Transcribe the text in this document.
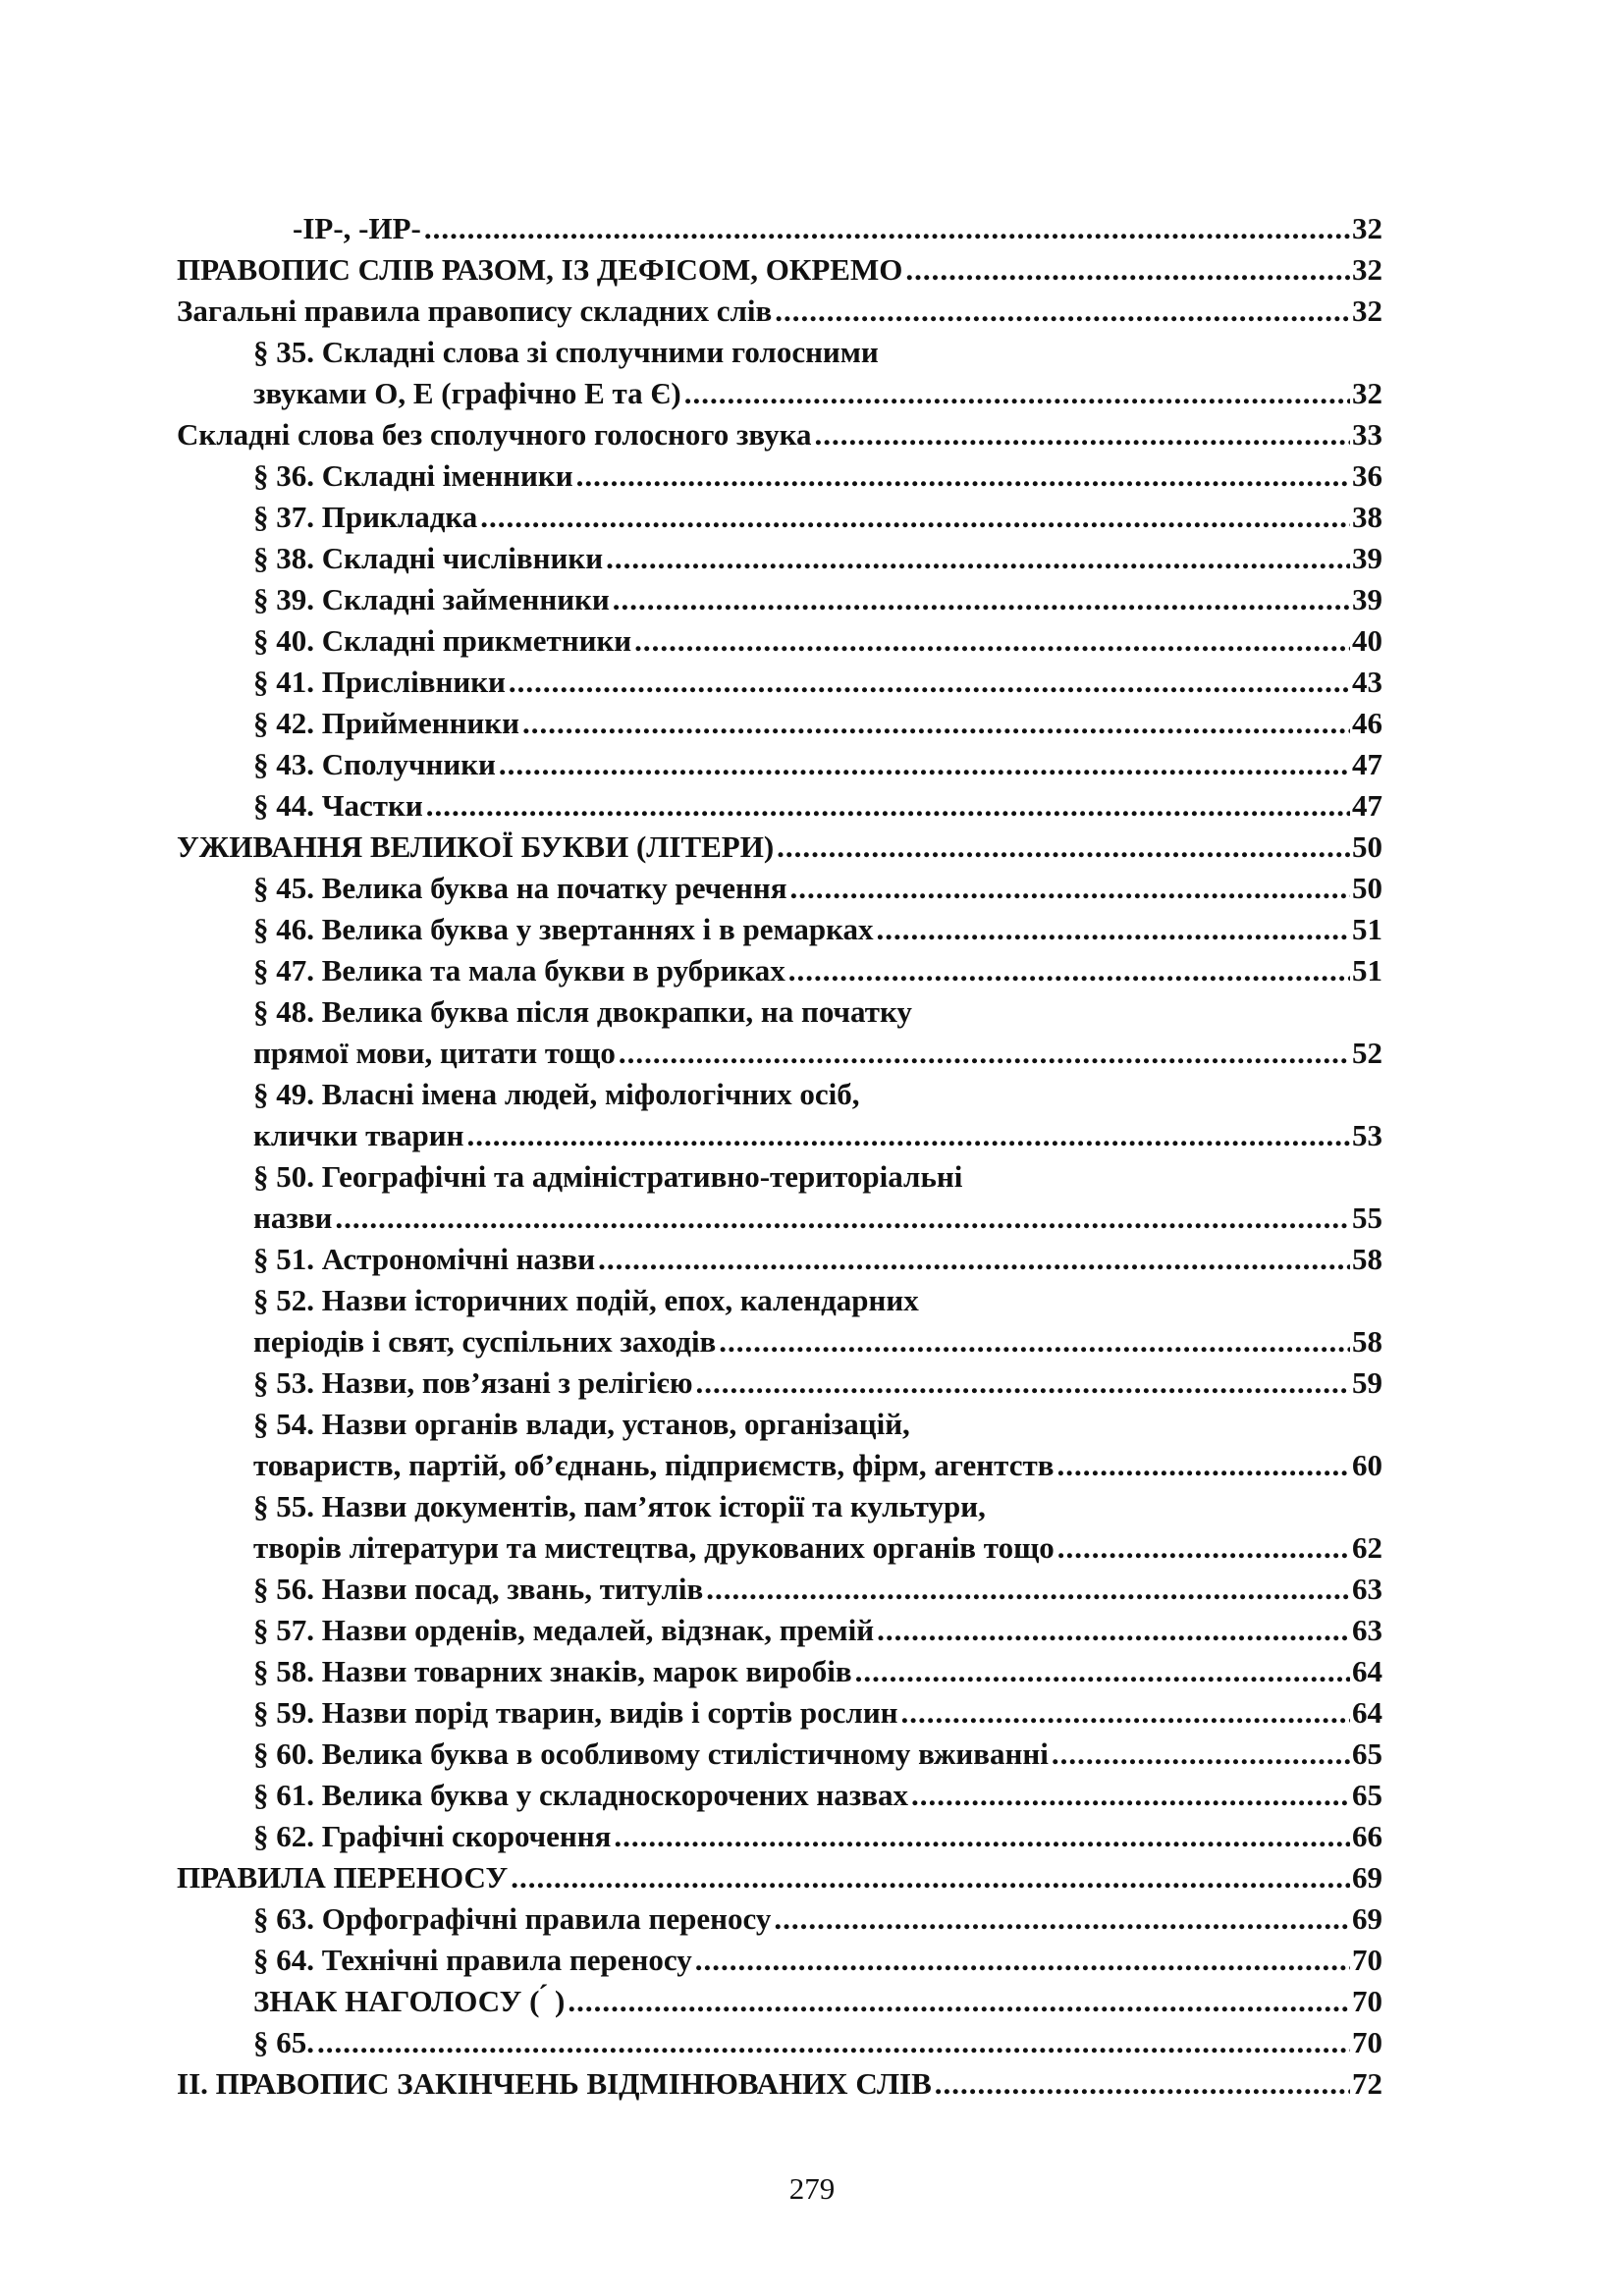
-ІР-, -ИР- .....	32
ПРАВОПИС СЛІВ РАЗОМ, ІЗ ДЕФІСОМ, ОКРЕМО .....	32
Загальні правила правопису складних слів .....	32
§ 35. Складні слова зі сполучними голосними
звуками О, Е (графічно Е та Є) .....	32
Складні слова без сполучного голосного звука .....	33
§ 36. Складні іменники .....	36
§ 37. Прикладка .....	38
§ 38. Складні числівники .....	39
§ 39. Складні займенники .....	39
§ 40. Складні прикметники .....	40
§ 41. Прислівники .....	43
§ 42. Прийменники .....	46
§ 43. Сполучники .....	47
§ 44. Частки .....	47
УЖИВАННЯ ВЕЛИКОЇ БУКВИ (ЛІТЕРИ) .....	50
§ 45. Велика буква на початку речення .....	50
§ 46. Велика буква у звертаннях і в ремарках .....	51
§ 47. Велика та мала букви в рубриках .....	51
§ 48. Велика буква після двокрапки, на початку
прямої мови, цитати тощо .....	52
§ 49. Власні імена людей, міфологічних осіб,
клички тварин .....	53
§ 50. Географічні та адміністративно-територіальні
назви .....	55
§ 51. Астрономічні назви .....	58
§ 52. Назви історичних подій, епох, календарних
періодів і свят, суспільних заходів .....	58
§ 53. Назви, пов’язані з релігією .....	59
§ 54. Назви органів влади, установ, організацій,
товариств, партій, об’єднань, підприємств, фірм, агентств .....	60
§ 55. Назви документів, пам’яток історії та культури,
творів літератури та мистецтва, друкованих органів тощо .....	62
§ 56. Назви посад, звань, титулів .....	63
§ 57. Назви орденів, медалей, відзнак, премій .....	63
§ 58. Назви товарних знаків, марок виробів .....	64
§ 59. Назви порід тварин, видів і сортів рослин .....	64
§ 60. Велика буква в особливому стилістичному вживанні .....	65
§ 61. Велика буква у складноскорочених назвах .....	65
§ 62. Графічні скорочення .....	66
ПРАВИЛА ПЕРЕНОСУ .....	69
§ 63. Орфографічні правила переносу .....	69
§ 64. Технічні правила переносу .....	70
ЗНАК НАГОЛОСУ ( ́ ) .....	70
§ 65. .....	70
ІІ. ПРАВОПИС ЗАКІНЧЕНЬ ВІДМІНЮВАНИХ СЛІВ .....	72
279
